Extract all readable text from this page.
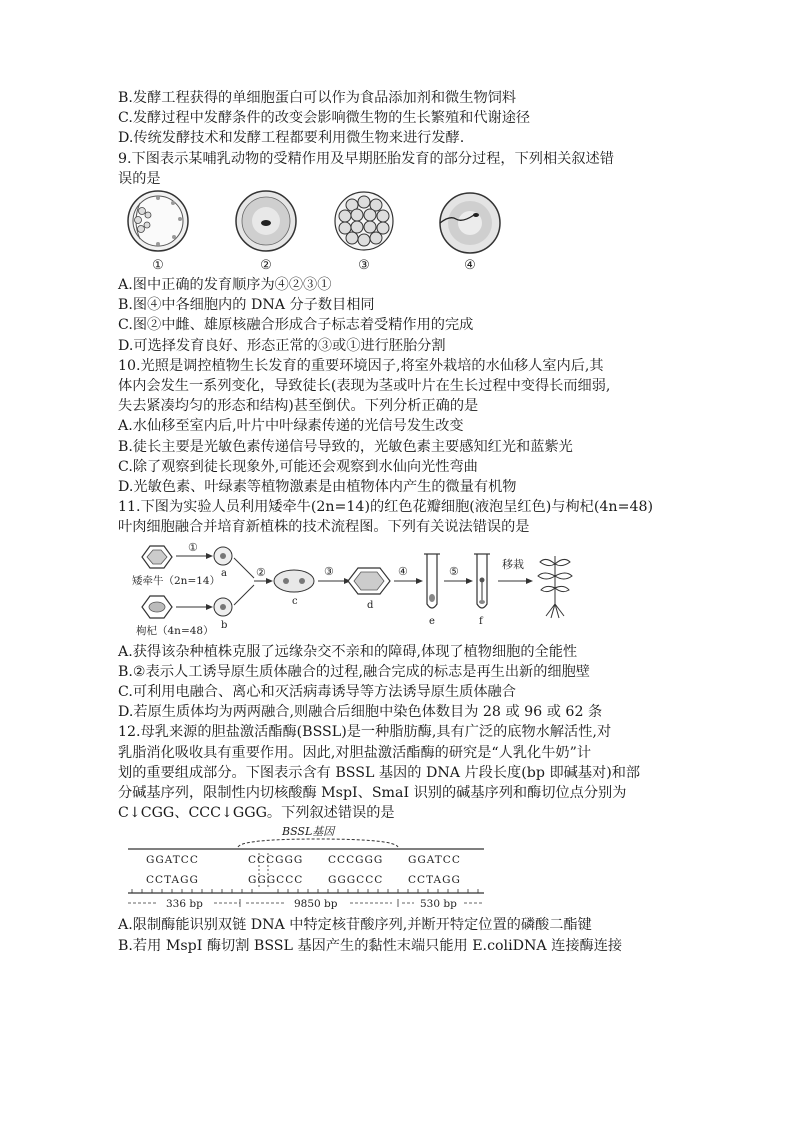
B.发酵工程获得的单细胞蛋白可以作为食品添加剂和微生物饲料

C.发酵过程中发酵条件的改变会影响微生物的生长繁殖和代谢途径

D.传统发酵技术和发酵工程都要利用微生物来进行发酵.

9.下图表示某哺乳动物的受精作用及早期胚胎发育的部分过程，下列相关叙述错

误的是

①	②	③	④

A.图中正确的发育顺序为④②③①

B.图④中各细胞内的 DNA 分子数目相同

C.图②中雌、雄原核融合形成合子标志着受精作用的完成

D.可选择发育良好、形态正常的③或①进行胚胎分割

10.光照是调控植物生长发育的重要环境因子,将室外栽培的水仙移人室内后,其

体内会发生一系列变化，导致徒长(表现为茎或叶片在生长过程中变得长而细弱,

失去紧凑均匀的形态和结构)甚至倒伏。下列分析正确的是

A.水仙移至室内后,叶片中叶绿素传递的光信号发生改变

B.徒长主要是光敏色素传递信号导致的，光敏色素主要感知红光和蓝紫光

C.除了观察到徒长现象外,可能还会观察到水仙向光性弯曲

D.光敏色素、叶绿素等植物激素是由植物体内产生的微量有机物

11.下图为实验人员利用矮牵牛(2n=14)的红色花瓣细胞(液泡呈红色)与枸杞(4n=48)

叶肉细胞融合并培育新植株的技术流程图。下列有关说法错误的是

矮牵牛（2n=14）
①
a
枸杞（4n=48） b
②
c
③
d
④
e
⑤
f
移栽

A.获得该杂种植株克服了远缘杂交不亲和的障碍,体现了植物细胞的全能性

B.②表示人工诱导原生质体融合的过程,融合完成的标志是再生出新的细胞壁

C.可利用电融合、离心和灭活病毒诱导等方法诱导原生质体融合

D.若原生质体均为两两融合,则融合后细胞中染色体数目为 28 或 96 或 62 条

12.母乳来源的胆盐激活酯酶(BSSL)是一种脂肪酶,具有广泛的底物水解活性,对

乳脂消化吸收具有重要作用。因此,对胆盐激活酯酶的研究是“人乳化牛奶”计

划的重要组成部分。下图表示含有 BSSL 基因的 DNA 片段长度(bp 即碱基对)和部

分碱基序列，限制性内切核酸酶 MspI、SmaI 识别的碱基序列和酶切位点分别为

C↓CGG、CCC↓GGG。下列叙述错误的是

BSSL基因
GGATCC	CCCGGG CCCGGG GGATCC
CCTAGG	GGGCCC GGGCCC CCTAGG
336 bp	9850 bp	530 bp

A.限制酶能识别双链 DNA 中特定核苷酸序列,并断开特定位置的磷酸二酯键

B.若用 MspI 酶切割 BSSL 基因产生的黏性末端只能用 E.coliDNA 连接酶连接
